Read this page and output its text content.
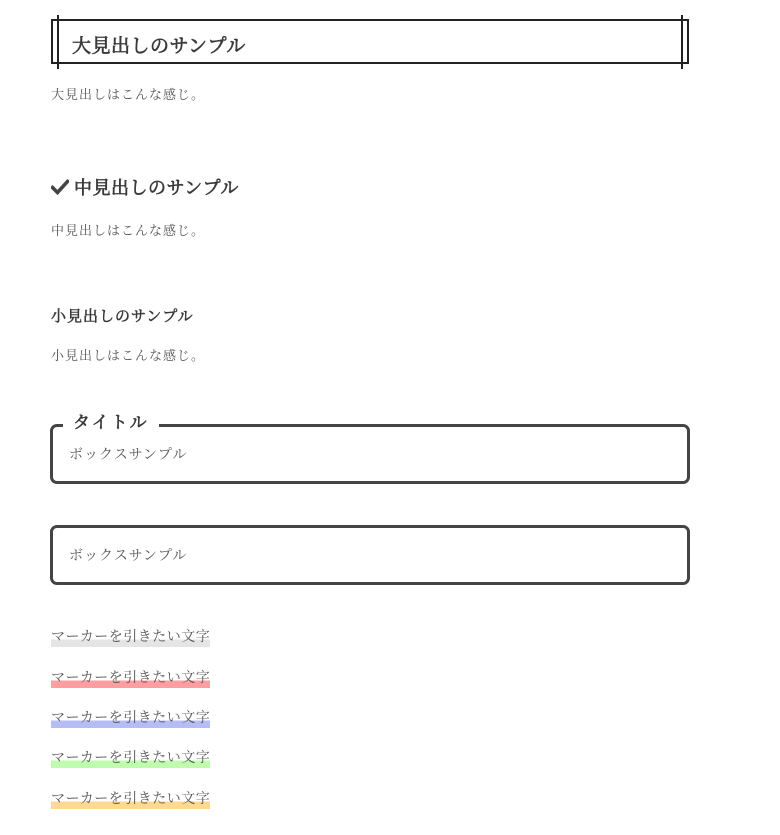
大見出しのサンプル
大見出しはこんな感じ。
中見出しのサンプル
中見出しはこんな感じ。
小見出しのサンプル
小見出しはこんな感じ。
タイトル
ボックスサンプル
ボックスサンプル
マーカーを引きたい文字
マーカーを引きたい文字
マーカーを引きたい文字
マーカーを引きたい文字
マーカーを引きたい文字
